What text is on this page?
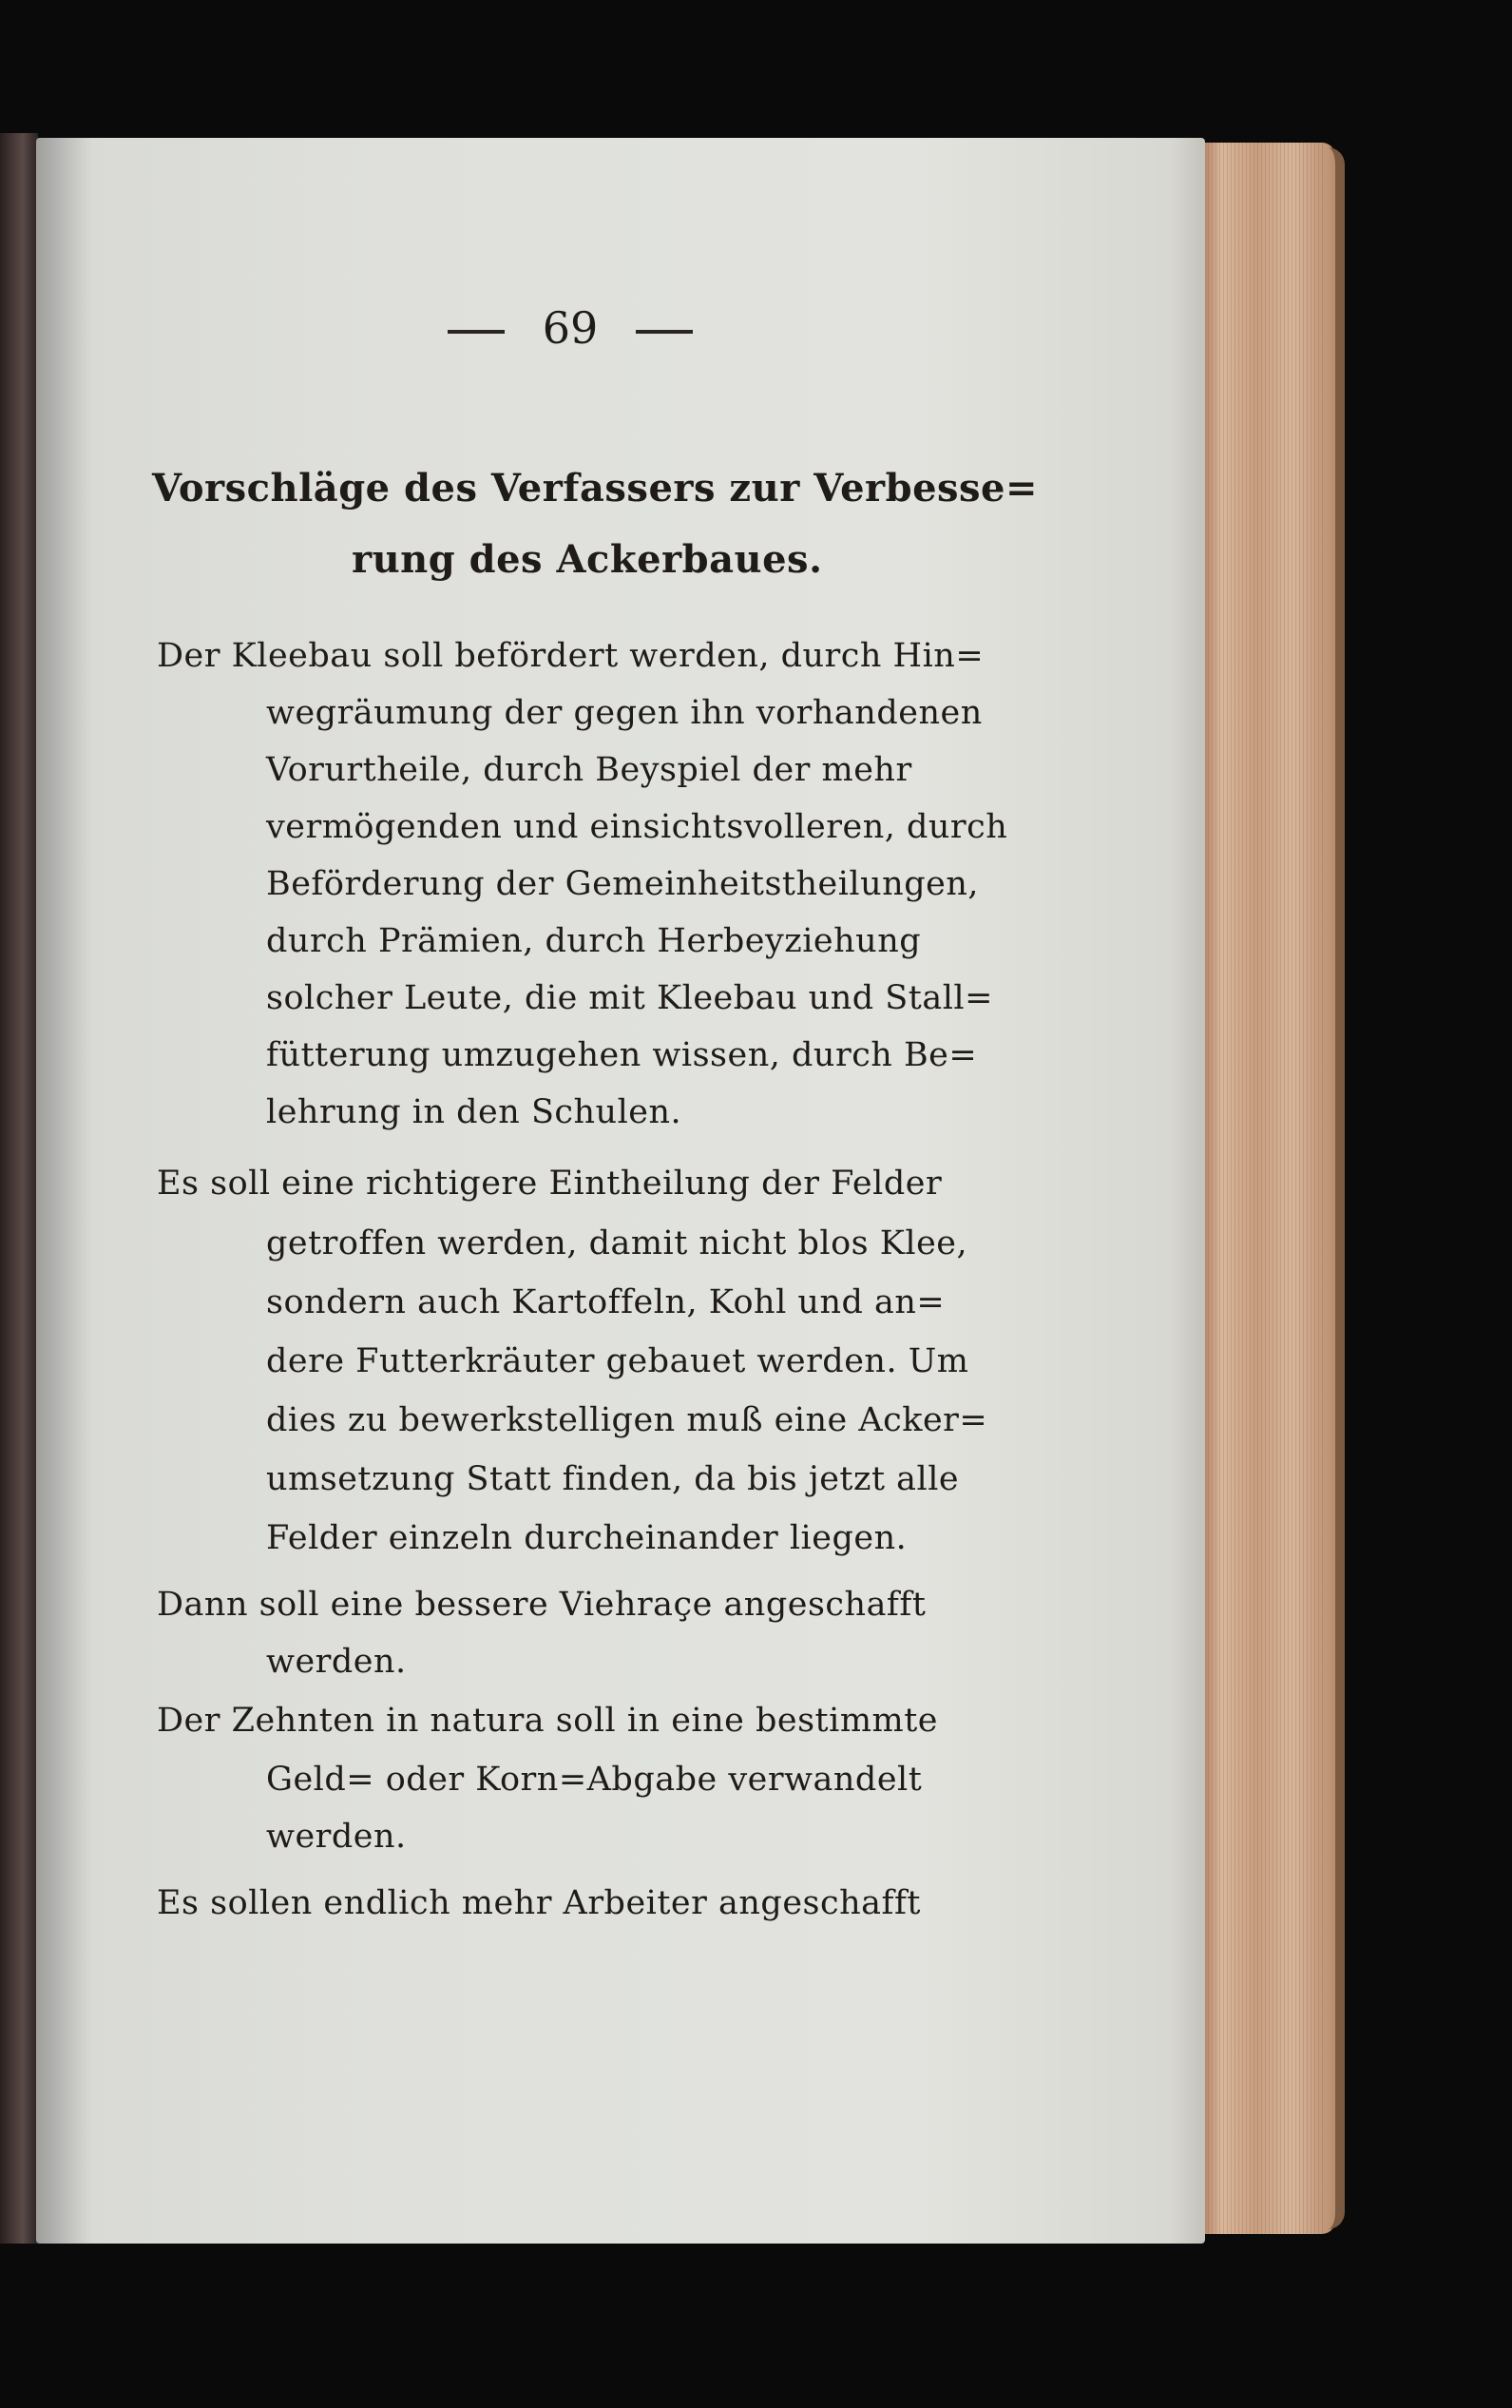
69
Vorschläge des Verfassers zur Verbesse=
rung des Ackerbaues.
Der Kleebau soll befördert werden, durch Hin=
wegräumung der gegen ihn vorhandenen
Vorurtheile, durch Beyspiel der mehr
vermögenden und einsichtsvolleren, durch
Beförderung der Gemeinheitstheilungen,
durch Prämien, durch Herbeyziehung
solcher Leute, die mit Kleebau und Stall=
fütterung umzugehen wissen, durch Be=
lehrung in den Schulen.
Es soll eine richtigere Eintheilung der Felder
getroffen werden, damit nicht blos Klee,
sondern auch Kartoffeln, Kohl und an=
dere Futterkräuter gebauet werden. Um
dies zu bewerkstelligen muß eine Acker=
umsetzung Statt finden, da bis jetzt alle
Felder einzeln durcheinander liegen.
Dann soll eine bessere Viehraçe angeschafft
werden.
Der Zehnten in natura soll in eine bestimmte
Geld= oder Korn=Abgabe verwandelt
werden.
Es sollen endlich mehr Arbeiter angeschafft
